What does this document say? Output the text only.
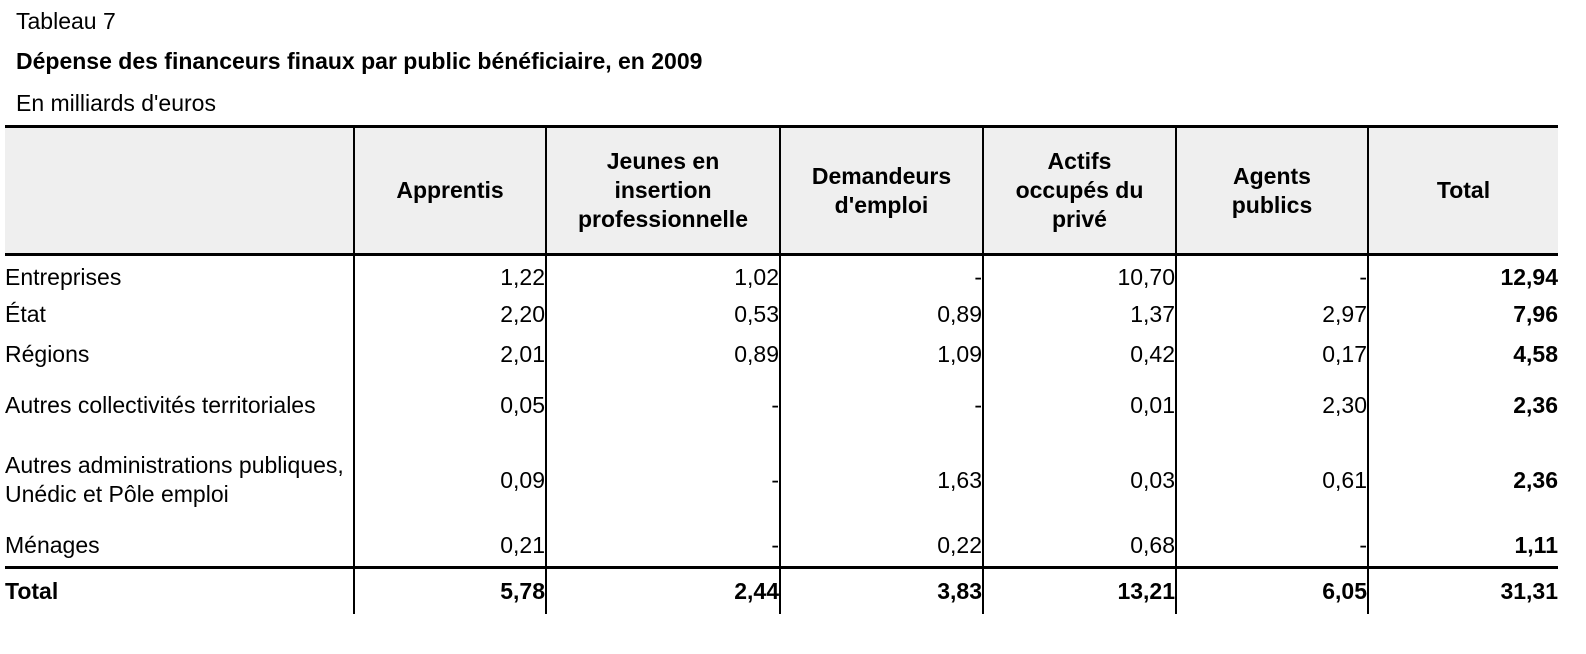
Tableau 7
Dépense des financeurs finaux par public bénéficiaire, en 2009
En milliards d'euros
	Apprentis	Jeunes en insertion professionnelle	Demandeurs d'emploi	Actifs occupés du privé	Agents publics	Total
Entreprises	1,22	1,02	-	10,70	-	12,94
État	2,20	0,53	0,89	1,37	2,97	7,96
Régions	2,01	0,89	1,09	0,42	0,17	4,58
Autres collectivités territoriales	0,05	-	-	0,01	2,30	2,36
Autres administrations publiques, Unédic et Pôle emploi	0,09	-	1,63	0,03	0,61	2,36
Ménages	0,21	-	0,22	0,68	-	1,11
Total	5,78	2,44	3,83	13,21	6,05	31,31
